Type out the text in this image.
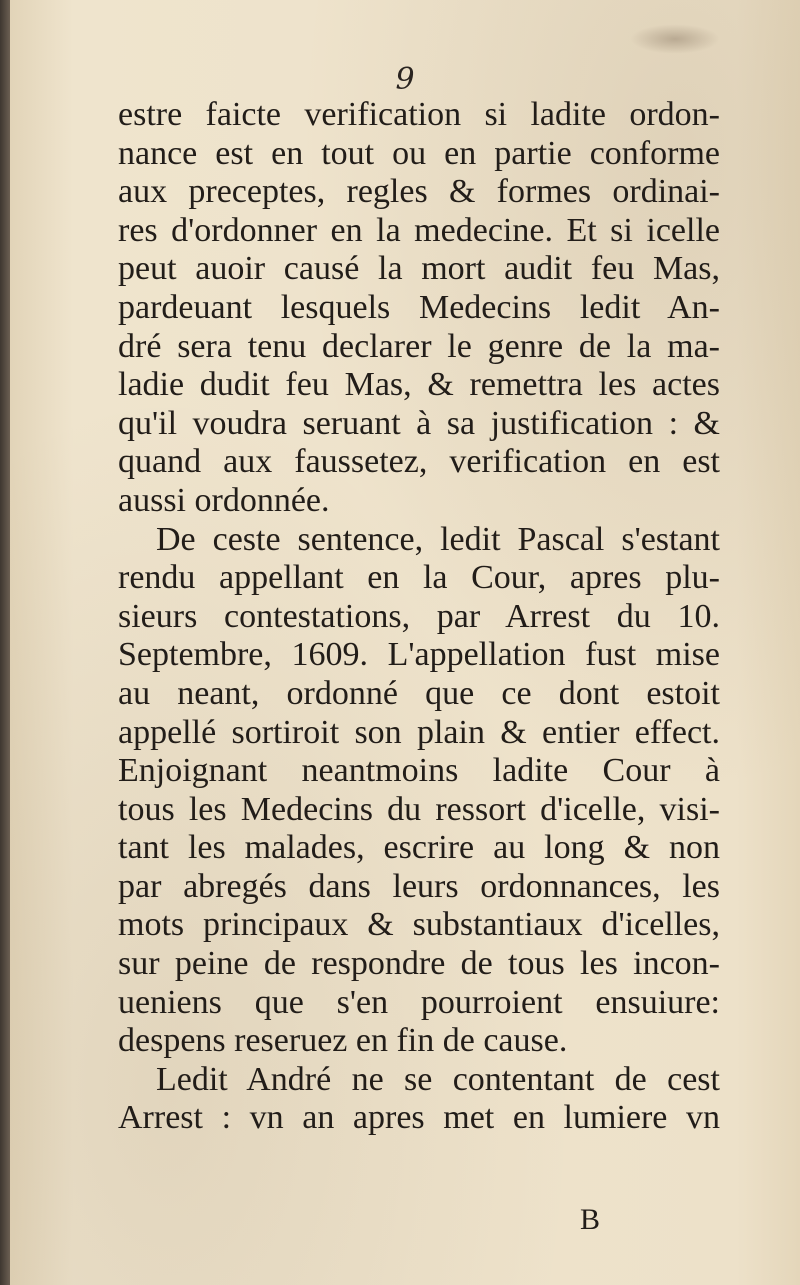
9
estre faicte verification si ladite ordon-
nance est en tout ou en partie conforme
aux preceptes, regles & formes ordinai-
res d'ordonner en la medecine. Et si icelle
peut auoir causé la mort audit feu Mas,
pardeuant lesquels Medecins ledit An-
dré sera tenu declarer le genre de la ma-
ladie dudit feu Mas, & remettra les actes
qu'il voudra seruant à sa justification : &
quand aux faussetez, verification en est
aussi ordonnée.
De ceste sentence, ledit Pascal s'estant
rendu appellant en la Cour, apres plu-
sieurs contestations, par Arrest du 10.
Septembre, 1609. L'appellation fust mise
au neant, ordonné que ce dont estoit
appellé sortiroit son plain & entier effect.
Enjoignant neantmoins ladite Cour à
tous les Medecins du ressort d'icelle, visi-
tant les malades, escrire au long & non
par abregés dans leurs ordonnances, les
mots principaux & substantiaux d'icelles,
sur peine de respondre de tous les incon-
ueniens que s'en pourroient ensuiure:
despens reseruez en fin de cause.
Ledit André ne se contentant de cest
Arrest : vn an apres met en lumiere vn
B
